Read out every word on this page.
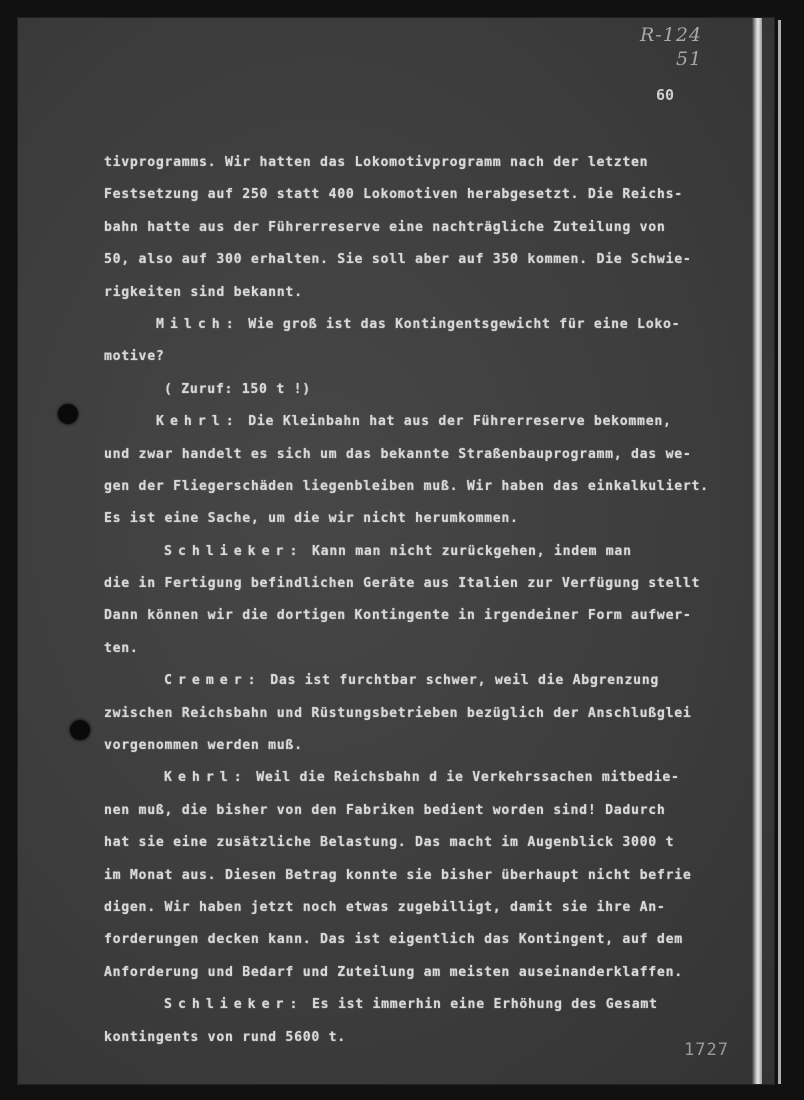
R-124
51
60
tivprogramms. Wir hatten das Lokomotivprogramm nach der letzten
Festsetzung auf 250 statt 400 Lokomotiven herabgesetzt. Die Reichs-
bahn hatte aus der Führerreserve eine nachträgliche Zuteilung von
50, also auf 300 erhalten. Sie soll aber auf 350 kommen. Die Schwie-
rigkeiten sind bekannt.
Milch: Wie groß ist das Kontingentsgewicht für eine Loko-
motive?
( Zuruf: 150 t !)
Kehrl: Die Kleinbahn hat aus der Führerreserve bekommen,
und zwar handelt es sich um das bekannte Straßenbauprogramm, das we-
gen der Fliegerschäden liegenbleiben muß. Wir haben das einkalkuliert.
Es ist eine Sache, um die wir nicht herumkommen.
Schlieker: Kann man nicht zurückgehen, indem man
die in Fertigung befindlichen Geräte aus Italien zur Verfügung stellt
Dann können wir die dortigen Kontingente in irgendeiner Form aufwer-
ten.
Cremer: Das ist furchtbar schwer, weil die Abgrenzung
zwischen Reichsbahn und Rüstungsbetrieben bezüglich der Anschlußglei
vorgenommen werden muß.
Kehrl: Weil die Reichsbahn d ie Verkehrssachen mitbedie-
nen muß, die bisher von den Fabriken bedient worden sind! Dadurch
hat sie eine zusätzliche Belastung. Das macht im Augenblick 3000 t
im Monat aus. Diesen Betrag konnte sie bisher überhaupt nicht befrie
digen. Wir haben jetzt noch etwas zugebilligt, damit sie ihre An-
forderungen decken kann. Das ist eigentlich das Kontingent, auf dem
Anforderung und Bedarf und Zuteilung am meisten auseinanderklaffen.
Schlieker: Es ist immerhin eine Erhöhung des Gesamt
kontingents von rund 5600 t.
1727
